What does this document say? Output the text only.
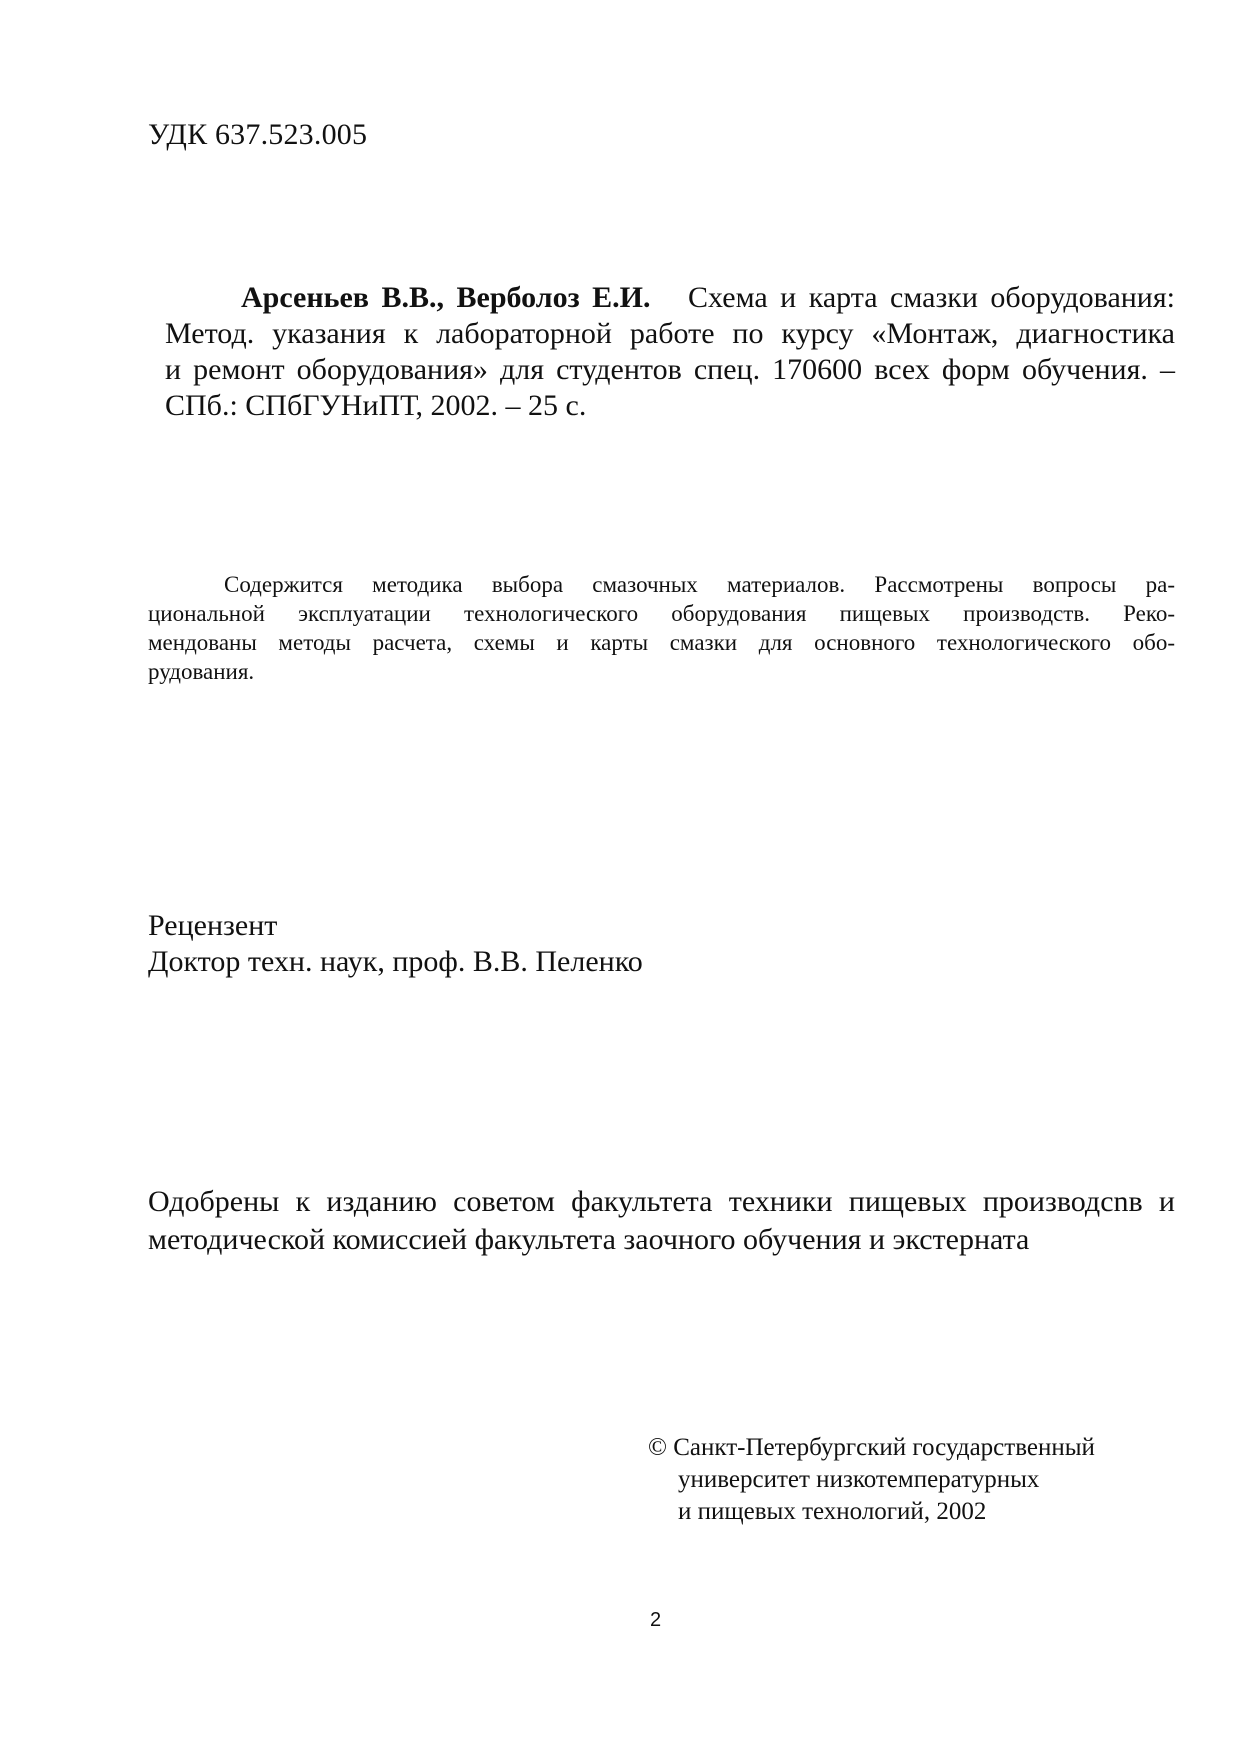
УДК 637.523.005
Арсеньев В.В., Верболоз Е.И. Схема и карта смазки оборудования:
Метод. указания к лабораторной работе по курсу «Монтаж, диагностика
и ремонт оборудования» для студентов спец. 170600 всех форм обучения. –
СПб.: СПбГУНиПТ, 2002. – 25 с.
Содержится методика выбора смазочных материалов. Рассмотрены вопросы ра-
циональной эксплуатации технологического оборудования пищевых производств. Реко-
мендованы методы расчета, схемы и карты смазки для основного технологического обо-
рудования.
Рецензент
Доктор техн. наук, проф. В.В. Пеленко
Одобрены к изданию советом факультета техники пищевых производcnв и
методической комиссией факультета заочного обучения и экстерната
© Санкт-Петербургский государственный
университет низкотемпературных
и пищевых технологий, 2002
2
